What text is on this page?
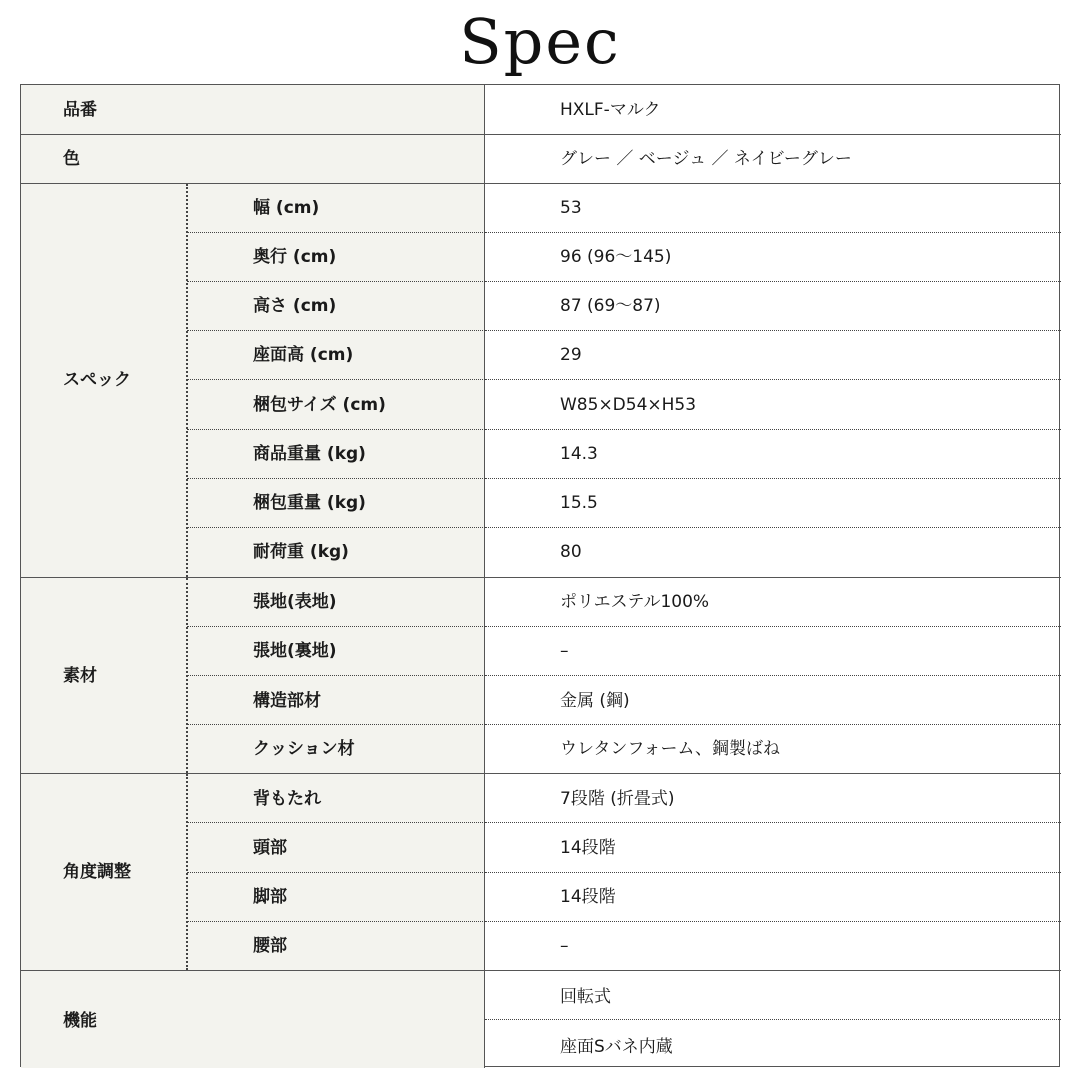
Spec
品番	HXLF-マルク
色	グレー ／ ベージュ ／ ネイビーグレー
スペック
幅 (cm)	53
奥行 (cm)	96 (96〜145)
高さ (cm)	87 (69〜87)
座面高 (cm)	29
梱包サイズ (cm)	W85×D54×H53
商品重量 (kg)	14.3
梱包重量 (kg)	15.5
耐荷重 (kg)	80
素材
張地(表地)	ポリエステル100%
張地(裏地)	–
構造部材	金属 (鋼)
クッション材	ウレタンフォーム、鋼製ばね
角度調整
背もたれ	7段階 (折畳式)
頭部	14段階
脚部	14段階
腰部	–
機能
回転式
座面Sバネ内蔵
